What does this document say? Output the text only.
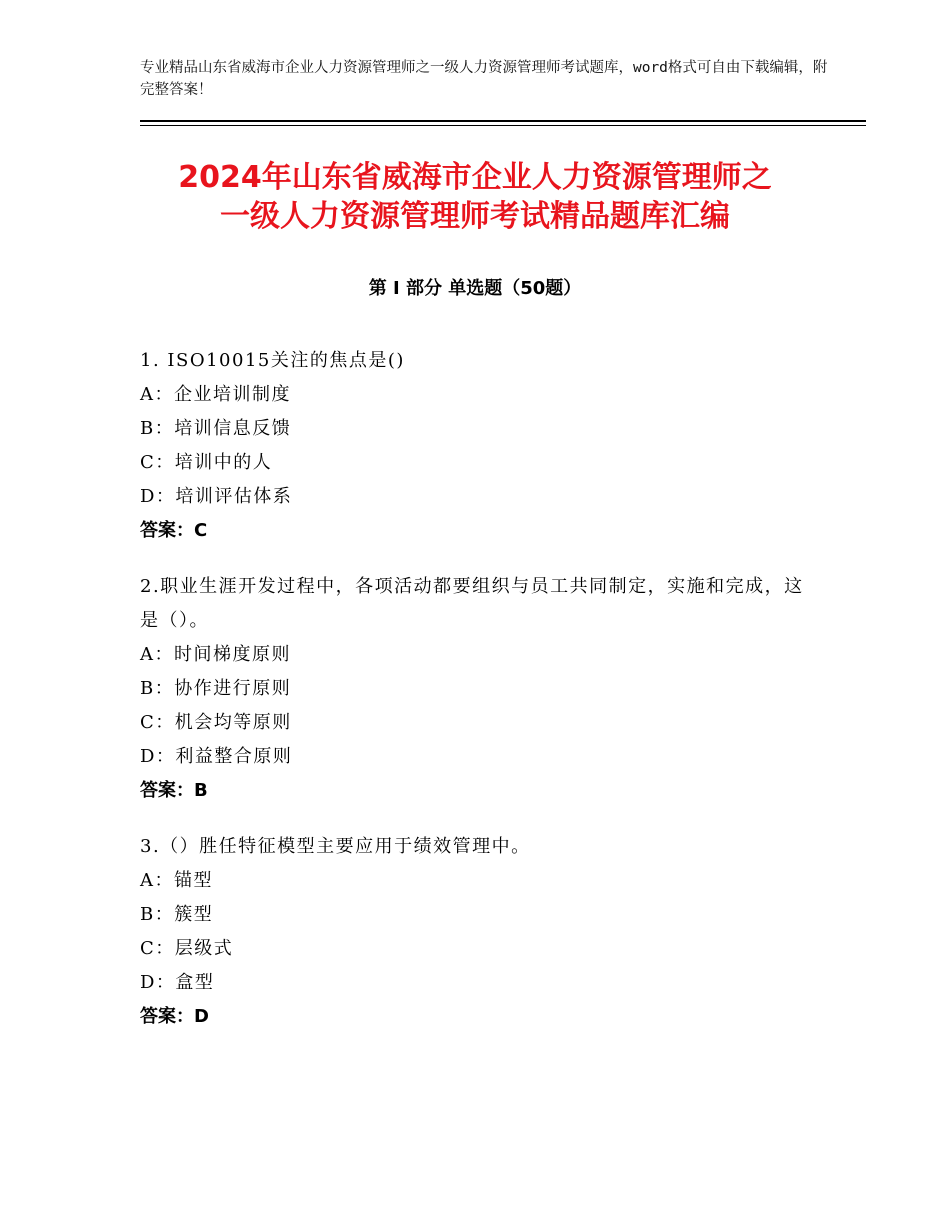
专业精品山东省威海市企业人力资源管理师之一级人力资源管理师考试题库，word格式可自由下载编辑，附完整答案！
2024年山东省威海市企业人力资源管理师之
一级人力资源管理师考试精品题库汇编
第 I 部分 单选题（50题）
1. ISO10015关注的焦点是()
A：企业培训制度
B：培训信息反馈
C：培训中的人
D：培训评估体系
答案：C
2.职业生涯开发过程中，各项活动都要组织与员工共同制定，实施和完成，这是（）。
A：时间梯度原则
B：协作进行原则
C：机会均等原则
D：利益整合原则
答案：B
3.（）胜任特征模型主要应用于绩效管理中。
A：锚型
B：簇型
C：层级式
D：盒型
答案：D
